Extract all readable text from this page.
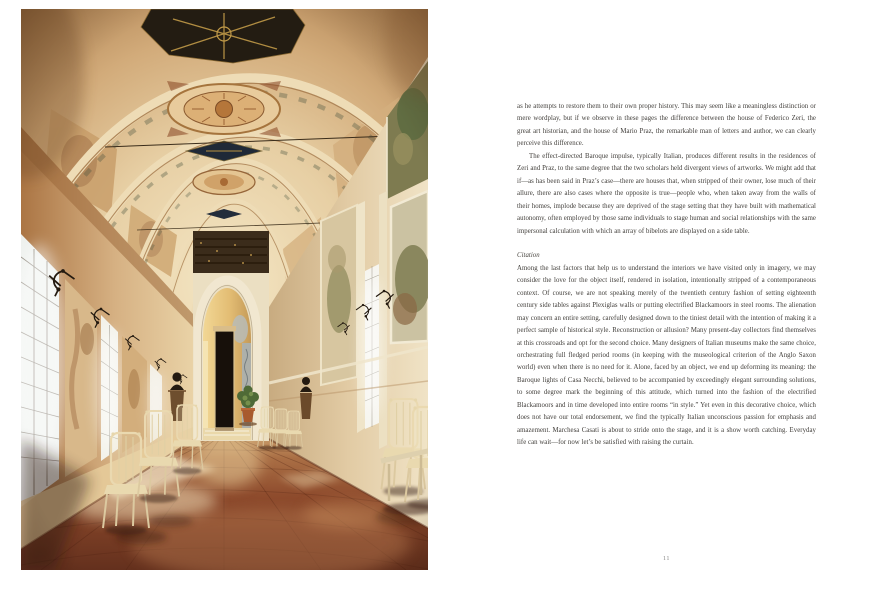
as he attempts to restore them to their own proper history. This may seem like a meaningless distinction or mere wordplay, but if we observe in these pages the difference between the house of Federico Zeri, the great art historian, and the house of Mario Praz, the remarkable man of letters and author, we can clearly perceive this difference.

The effect-directed Baroque impulse, typically Italian, produces different results in the residences of Zeri and Praz, to the same degree that the two scholars held divergent views of artworks. We might add that if—as has been said in Praz’s case—there are houses that, when stripped of their owner, lose much of their allure, there are also cases where the opposite is true—people who, when taken away from the walls of their homes, implode because they are deprived of the stage setting that they have built with mathematical autonomy, often employed by those same individuals to stage human and social relationships with the same impersonal calculation with which an array of bibelots are displayed on a side table.

Citation

Among the last factors that help us to understand the interiors we have visited only in imagery, we may consider the love for the object itself, rendered in isolation, intentionally stripped of a contemporaneous context. Of course, we are not speaking merely of the twentieth century fashion of setting eighteenth century side tables against Plexiglas walls or putting electrified Blackamoors in steel rooms. The alienation may concern an entire setting, carefully designed down to the tiniest detail with the intention of making it a perfect sample of historical style. Reconstruction or allusion? Many present-day collectors find themselves at this crossroads and opt for the second choice. Many designers of Italian museums make the same choice, orchestrating full fledged period rooms (in keeping with the museological criterion of the Anglo Saxon world) even when there is no need for it. Alone, faced by an object, we end up deforming its meaning: the Baroque lights of Casa Necchi, believed to be accompanied by exceedingly elegant surrounding solutions, to some degree mark the beginning of this attitude, which turned into the fashion of the electrified Blackamoors and in time developed into entire rooms “in style.” Yet even in this decorative choice, which does not have our total endorsement, we find the typically Italian unconscious passion for emphasis and amazement. Marchesa Casati is about to stride onto the stage, and it is a show worth catching. Everyday life can wait—for now let’s be satisfied with raising the curtain.

11
